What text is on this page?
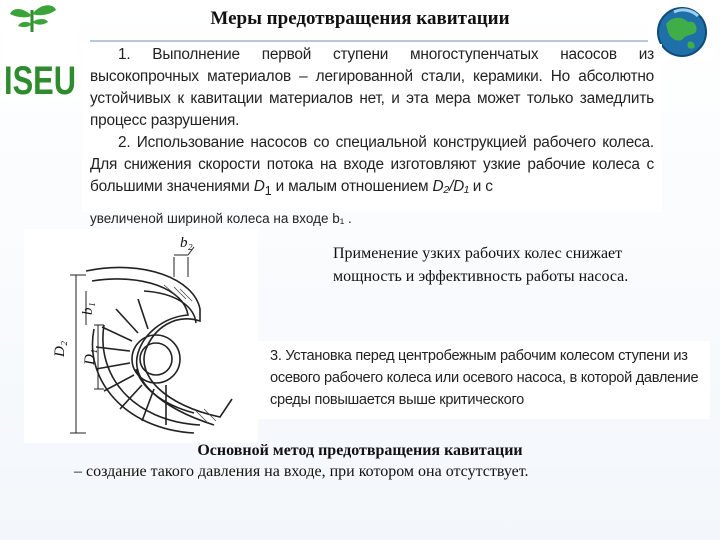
ISEU
Меры предотвращения кавитации

1. Выполнение первой ступени многоступенчатых насосов из высокопрочных материалов – легированной стали, керамики. Но абсолютно устойчивых к кавитации материалов нет, и эта мера может только замедлить процесс разрушения.

2. Использование насосов со специальной конструкцией рабочего колеса. Для снижения скорости потока на входе изготовляют узкие рабочие колеса с большими значениями $D_1$ и малым отношением D₂/D₁ и с

увеличеной шириной колеса на входе b₁ .
b₂
D₂ D₁
b₁
Применение узких рабочих колес снижает мощность и эффективность работы насоса.

3. Установка перед центробежным рабочим колесом ступени из осевого рабочего колеса или осевого насоса, в которой давление среды повышается выше критического

Основной метод предотвращения кавитации
– создание такого давления на входе, при котором она отсутствует.
